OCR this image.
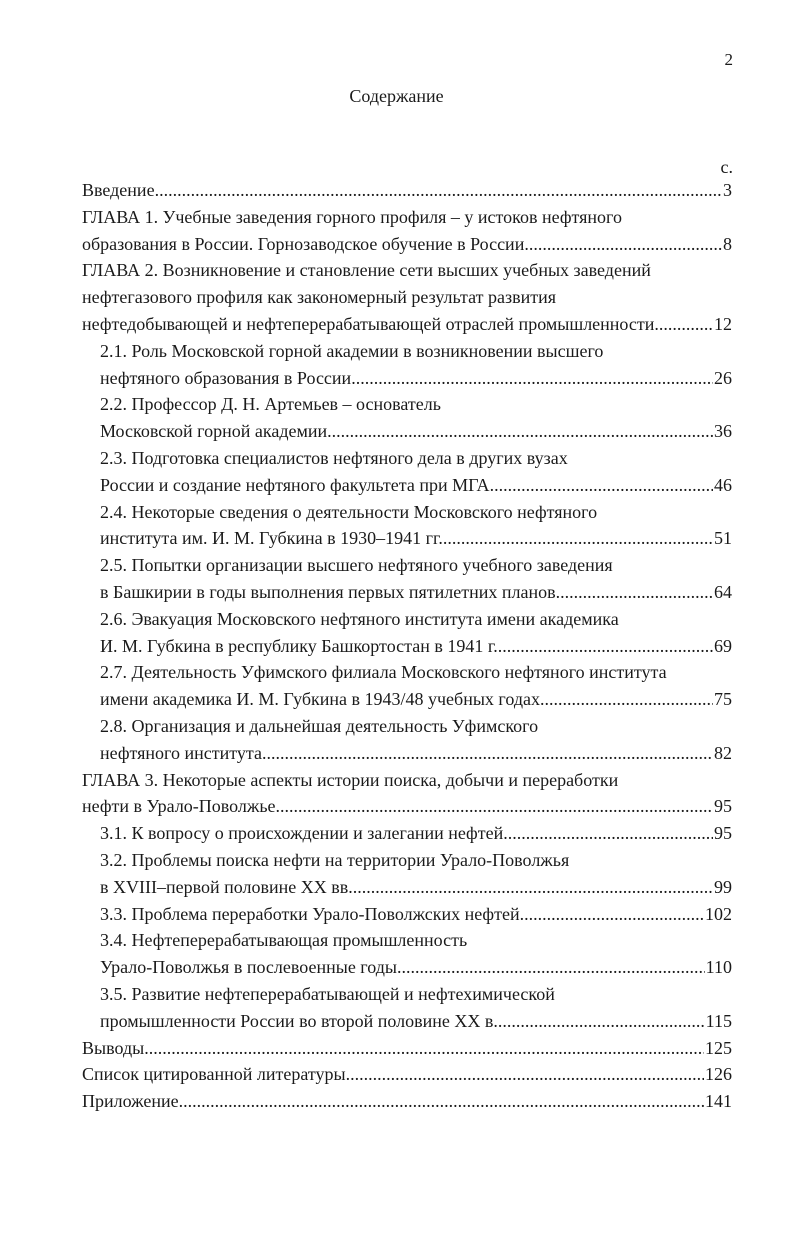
2
Содержание
с.
Введение .....	3
ГЛАВА 1. Учебные заведения горного профиля – у истоков нефтяного
образования в России. Горнозаводское обучение в России .....	8
ГЛАВА 2. Возникновение и становление сети высших учебных заведений
нефтегазового профиля как закономерный результат развития
нефтедобывающей и нефтеперерабатывающей отраслей промышленности .....	12
2.1. Роль Московской горной академии в возникновении высшего
нефтяного образования в России .....	26
2.2. Профессор Д. Н. Артемьев – основатель
Московской горной академии .....	36
2.3. Подготовка специалистов нефтяного дела в других вузах
России и создание нефтяного факультета при МГА .....	46
2.4. Некоторые сведения о деятельности Московского нефтяного
института им. И. М. Губкина в 1930–1941 гг. .....	51
2.5. Попытки организации высшего нефтяного учебного заведения
в Башкирии в годы выполнения первых пятилетних планов .....	64
2.6. Эвакуация Московского нефтяного института имени академика
И. М. Губкина в республику Башкортостан в 1941 г. .....	69
2.7. Деятельность Уфимского филиала Московского нефтяного института
имени академика И. М. Губкина в 1943/48 учебных годах .....	75
2.8. Организация и дальнейшая деятельность Уфимского
нефтяного института .....	82
ГЛАВА 3. Некоторые аспекты истории поиска, добычи и переработки
нефти в Урало-Поволжье .....	95
3.1. К вопросу о происхождении и залегании нефтей .....	95
3.2. Проблемы поиска нефти на территории Урало-Поволжья
в XVIII–первой половине XX вв. .....	99
3.3. Проблема переработки Урало-Поволжских нефтей .....	102
3.4. Нефтеперерабатывающая промышленность
Урало-Поволжья в послевоенные годы. .....	110
3.5. Развитие нефтеперерабатывающей и нефтехимической
промышленности России во второй половине XX в. .....	115
Выводы .....	125
Список цитированной литературы .....	126
Приложение .....	141
